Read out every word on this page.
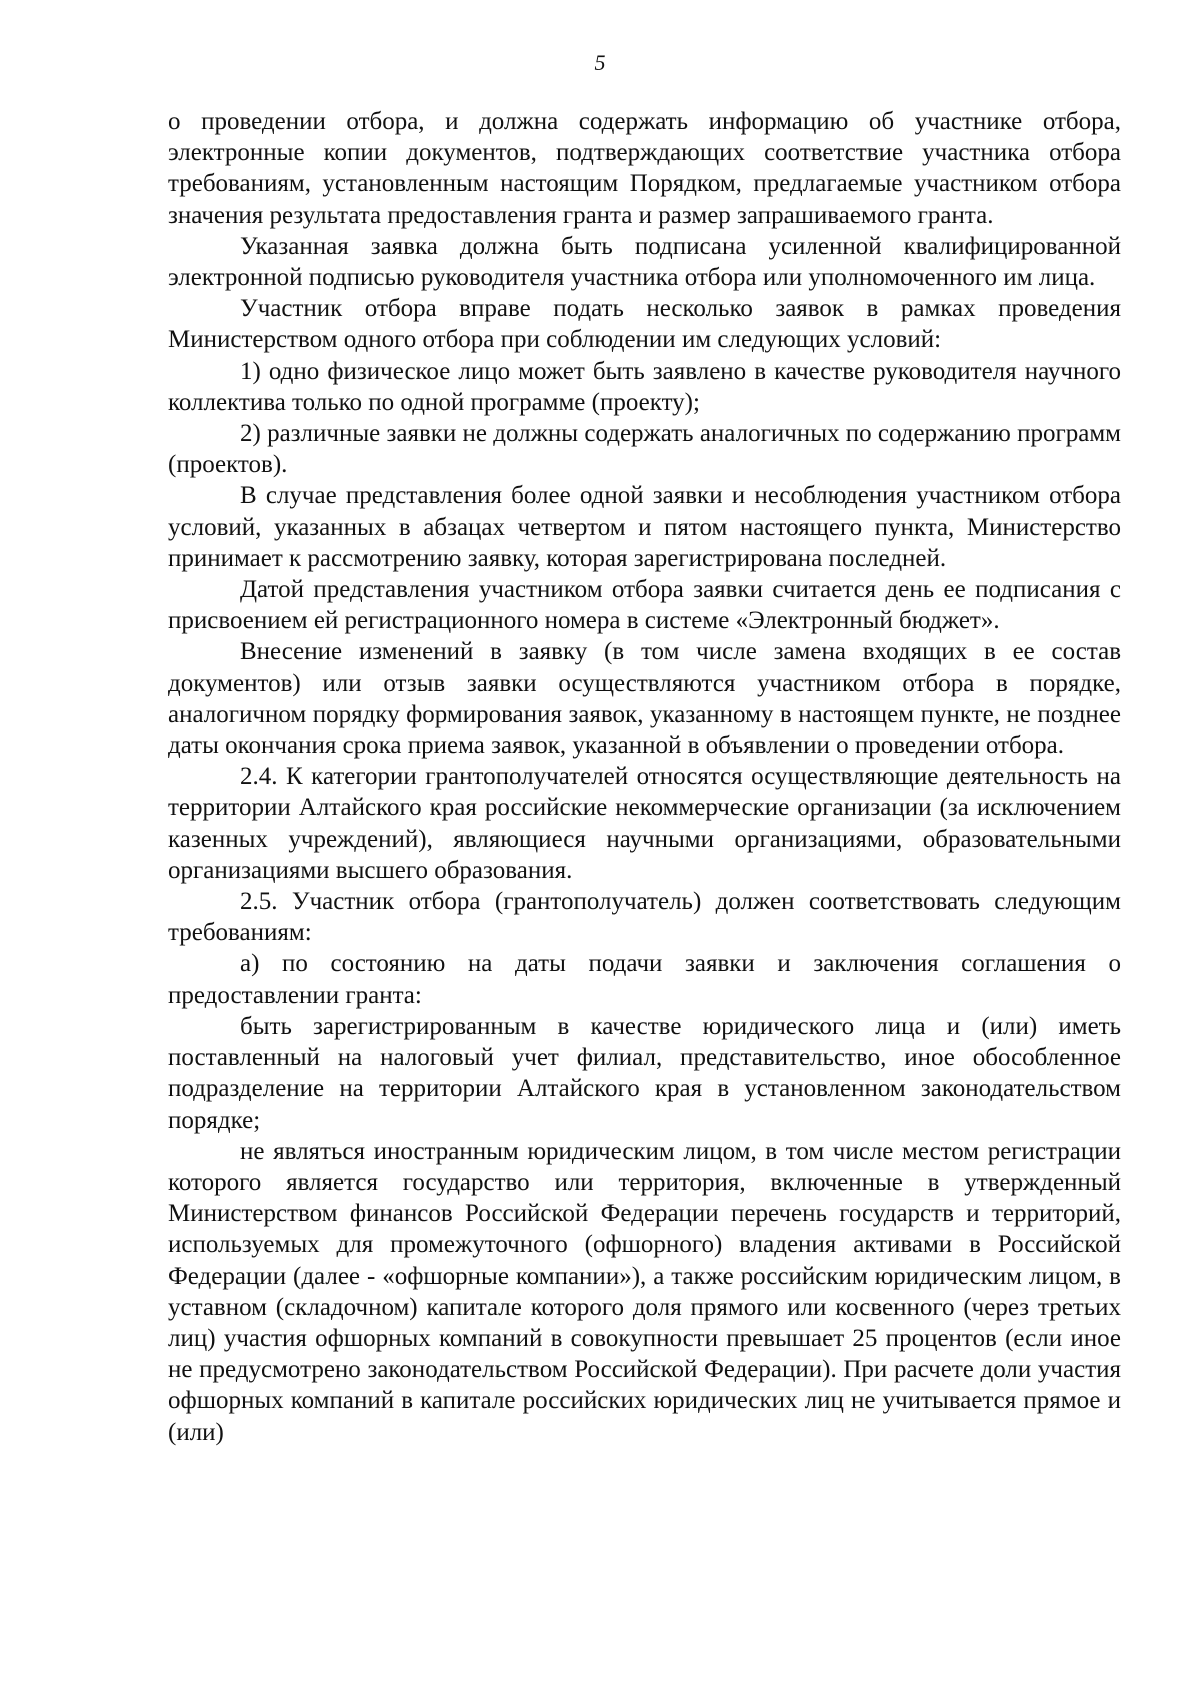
5

о проведении отбора, и должна содержать информацию об участнике отбора, электронные копии документов, подтверждающих соответствие участника отбора требованиям, установленным настоящим Порядком, предлагаемые участником отбора значения результата предоставления гранта и размер запрашиваемого гранта.

Указанная заявка должна быть подписана усиленной квалифицированной электронной подписью руководителя участника отбора или уполномоченного им лица.

Участник отбора вправе подать несколько заявок в рамках проведения Министерством одного отбора при соблюдении им следующих условий:

1) одно физическое лицо может быть заявлено в качестве руководителя научного коллектива только по одной программе (проекту);

2) различные заявки не должны содержать аналогичных по содержанию программ (проектов).

В случае представления более одной заявки и несоблюдения участником отбора условий, указанных в абзацах четвертом и пятом настоящего пункта, Министерство принимает к рассмотрению заявку, которая зарегистрирована последней.

Датой представления участником отбора заявки считается день ее подписания с присвоением ей регистрационного номера в системе «Электронный бюджет».

Внесение изменений в заявку (в том числе замена входящих в ее состав документов) или отзыв заявки осуществляются участником отбора в порядке, аналогичном порядку формирования заявок, указанному в настоящем пункте, не позднее даты окончания срока приема заявок, указанной в объявлении о проведении отбора.

2.4. К категории грантополучателей относятся осуществляющие деятельность на территории Алтайского края российские некоммерческие организации (за исключением казенных учреждений), являющиеся научными организациями, образовательными организациями высшего образования.

2.5. Участник отбора (грантополучатель) должен соответствовать следующим требованиям:

а) по состоянию на даты подачи заявки и заключения соглашения о предоставлении гранта:

быть зарегистрированным в качестве юридического лица и (или) иметь поставленный на налоговый учет филиал, представительство, иное обособленное подразделение на территории Алтайского края в установленном законодательством порядке;

не являться иностранным юридическим лицом, в том числе местом регистрации которого является государство или территория, включенные в утвержденный Министерством финансов Российской Федерации перечень государств и территорий, используемых для промежуточного (офшорного) владения активами в Российской Федерации (далее - «офшорные компании»), а также российским юридическим лицом, в уставном (складочном) капитале которого доля прямого или косвенного (через третьих лиц) участия офшорных компаний в совокупности превышает 25 процентов (если иное не предусмотрено законодательством Российской Федерации). При расчете доли участия офшорных компаний в капитале российских юридических лиц не учитывается прямое и (или)
